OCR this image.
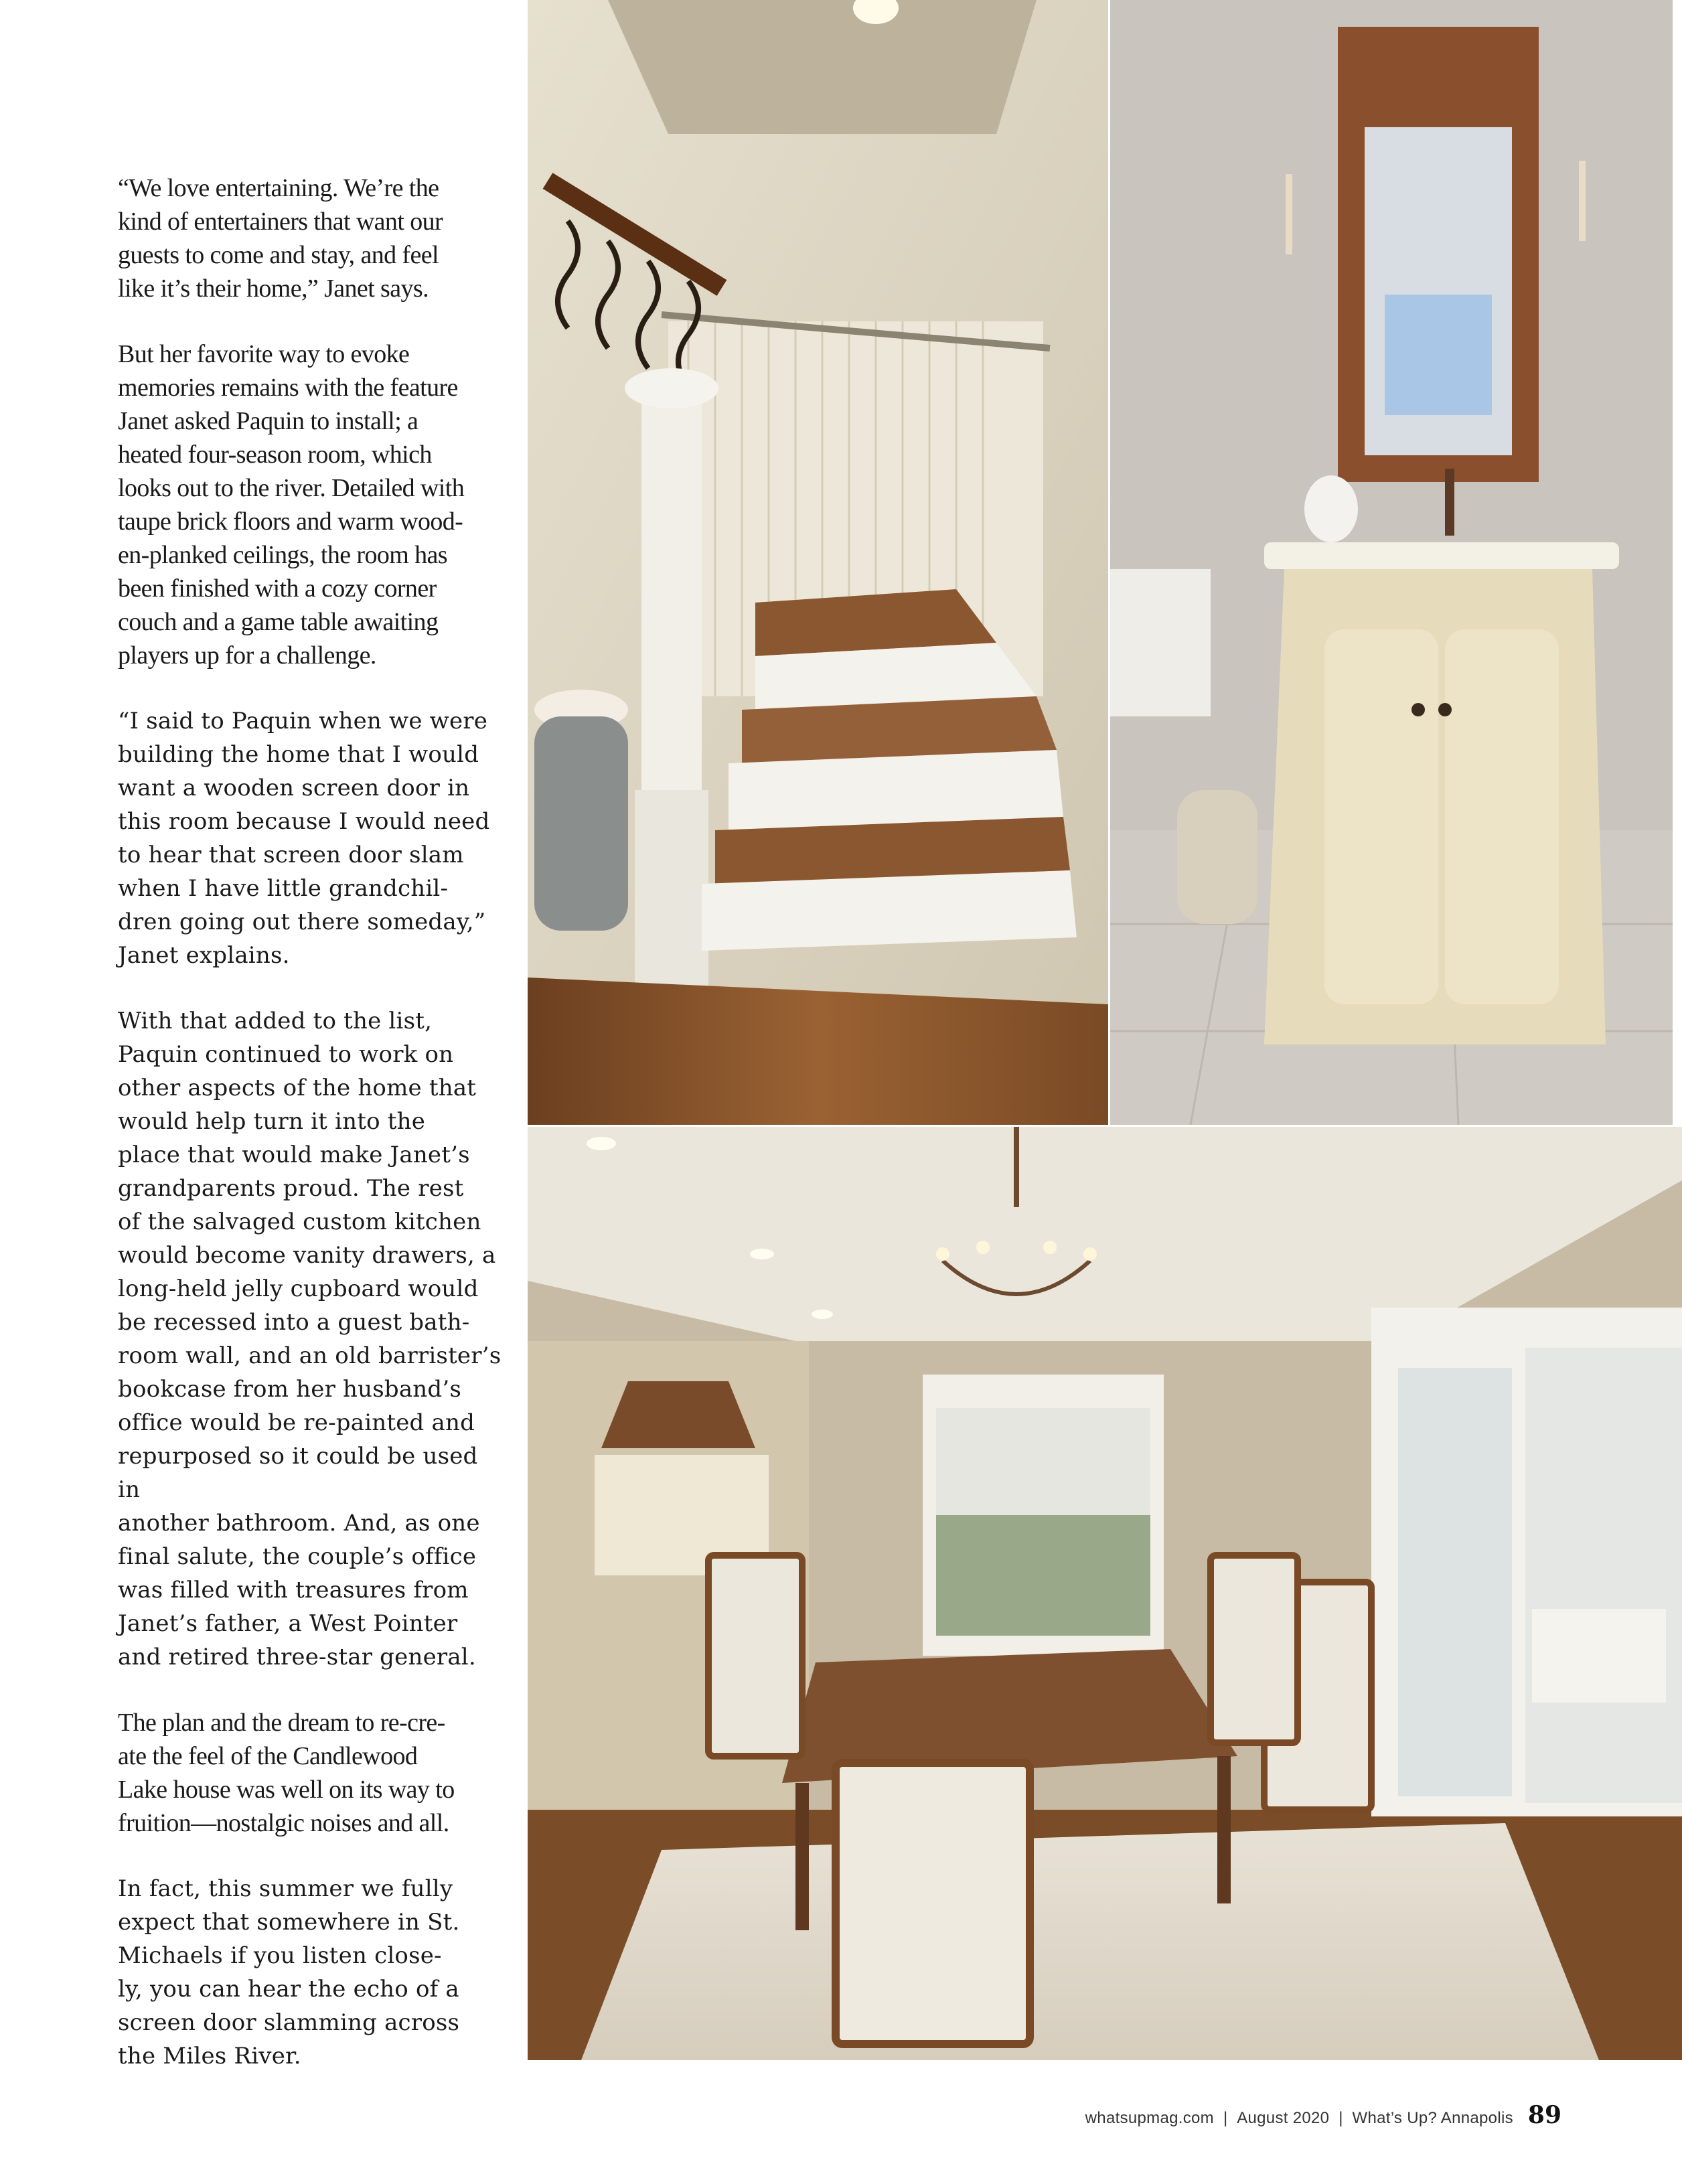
“We love entertaining. We’re the
kind of entertainers that want our
guests to come and stay, and feel
like it’s their home,” Janet says.

But her favorite way to evoke
memories remains with the feature
Janet asked Paquin to install; a
heated four-season room, which
looks out to the river. Detailed with
taupe brick floors and warm wood-
en-planked ceilings, the room has
been finished with a cozy corner
couch and a game table awaiting
players up for a challenge.

“I said to Paquin when we were
building the home that I would
want a wooden screen door in
this room because I would need
to hear that screen door slam
when I have little grandchil-
dren going out there someday,”
Janet explains.

With that added to the list,
Paquin continued to work on
other aspects of the home that
would help turn it into the
place that would make Janet’s
grandparents proud. The rest
of the salvaged custom kitchen
would become vanity drawers, a
long-held jelly cupboard would
be recessed into a guest bath-
room wall, and an old barrister’s
bookcase from her husband’s
office would be re-painted and
repurposed so it could be used in
another bathroom. And, as one
final salute, the couple’s office
was filled with treasures from
Janet’s father, a West Pointer
and retired three-star general.

The plan and the dream to re-cre-
ate the feel of the Candlewood
Lake house was well on its way to
fruition—nostalgic noises and all.

In fact, this summer we fully
expect that somewhere in St.
Michaels if you listen close-
ly, you can hear the echo of a
screen door slamming across
the Miles River.

whatsupmag.com | August 2020 | What’s Up? Annapolis 89
